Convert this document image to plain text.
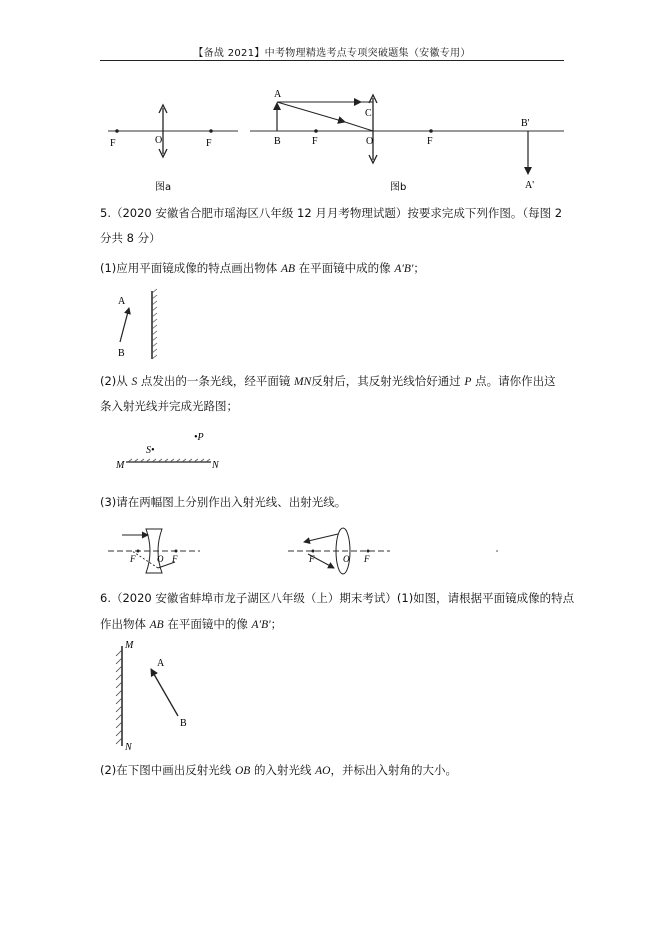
【备战 2021】中考物理精选考点专项突破题集（安徽专用）
F	O	F
图a
A
B
C
F	O	F
B'
A'
图b
5.（2020 安徽省合肥市瑶海区八年级 12 月月考物理试题）按要求完成下列作图。（每图 2
分共 8 分）
(1)应用平面镜成像的特点画出物体 AB 在平面镜中成的像 A′B′；
A
B
(2)从 S 点发出的一条光线，经平面镜 MN反射后，其反射光线恰好通过 P 点。请你作出这
条入射光线并完成光路图；
•P
S•
M	N
(3)请在两幅图上分别作出入射光线、出射光线。
F O F	F	O F
6.（2020 安徽省蚌埠市龙子湖区八年级（上）期末考试）(1)如图，请根据平面镜成像的特点
作出物体 AB 在平面镜中的像 A′B′；
M
N
A
B
(2)在下图中画出反射光线 OB 的入射光线 AO，并标出入射角的大小。
